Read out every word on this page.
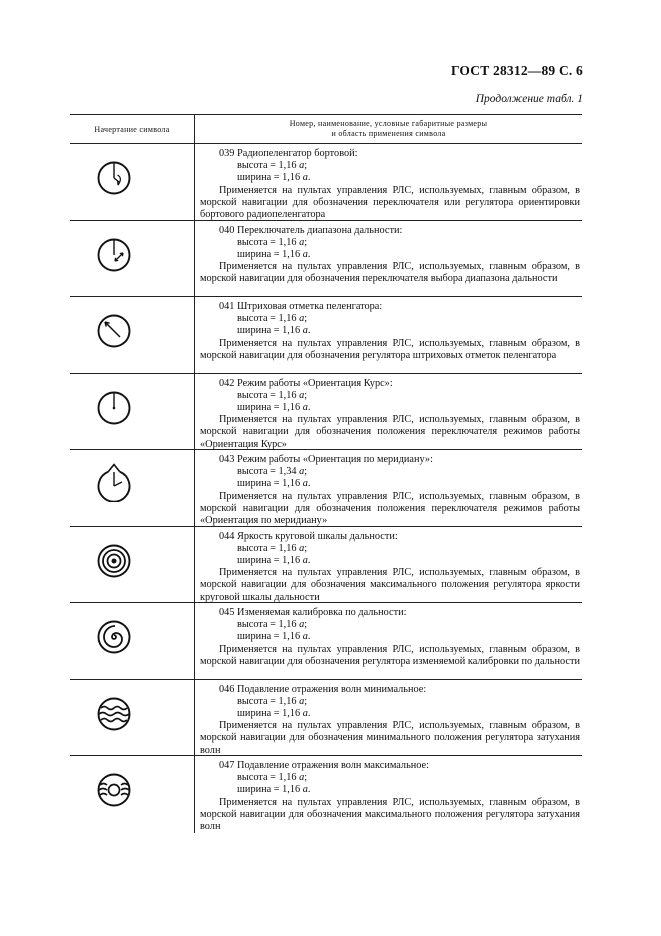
ГОСТ 28312—89 С. 6
Продолжение табл. 1
Начертание символа
Номер, наименование, условные габаритные размеры
и область применения символа
039 Радиопеленгатор бортовой:
высота = 1,16 a;
ширина = 1,16 a.
Применяется на пультах управления РЛС, используемых, главным образом, в морской навигации для обозначения переключателя или регулятора ориентировки бортового радиопеленгатора
040 Переключатель диапазона дальности:
высота = 1,16 a;
ширина = 1,16 a.
Применяется на пультах управления РЛС, используемых, главным образом, в морской навигации для обозначения переключателя выбора диапазона дальности
041 Штриховая отметка пеленгатора:
высота = 1,16 a;
ширина = 1,16 a.
Применяется на пультах управления РЛС, используемых, главным образом, в морской навигации для обозначения регулятора штриховых отметок пеленгатора
042 Режим работы «Ориентация Курс»:
высота = 1,16 a;
ширина = 1,16 a.
Применяется на пультах управления РЛС, используемых, главным образом, в морской навигации для обозначения положения переключателя режимов работы «Ориентация Курс»
043 Режим работы «Ориентация по меридиану»:
высота = 1,34 a;
ширина = 1,16 a.
Применяется на пультах управления РЛС, используемых, главным образом, в морской навигации для обозначения положения переключателя режимов работы «Ориентация по меридиану»
044 Яркость круговой шкалы дальности:
высота = 1,16 a;
ширина = 1,16 a.
Применяется на пультах управления РЛС, используемых, главным образом, в морской навигации для обозначения максимального положения регулятора яркости круговой шкалы дальности
045 Изменяемая калибровка по дальности:
высота = 1,16 a;
ширина = 1,16 a.
Применяется на пультах управления РЛС, используемых, главным образом, в морской навигации для обозначения регулятора изменяемой калибровки по дальности
046 Подавление отражения волн минимальное:
высота = 1,16 a;
ширина = 1,16 a.
Применяется на пультах управления РЛС, используемых, главным образом, в морской навигации для обозначения минимального положения регулятора затухания волн
047 Подавление отражения волн максимальное:
высота = 1,16 a;
ширина = 1,16 a.
Применяется на пультах управления РЛС, используемых, главным образом, в морской навигации для обозначения максимального положения регулятора затухания волн
